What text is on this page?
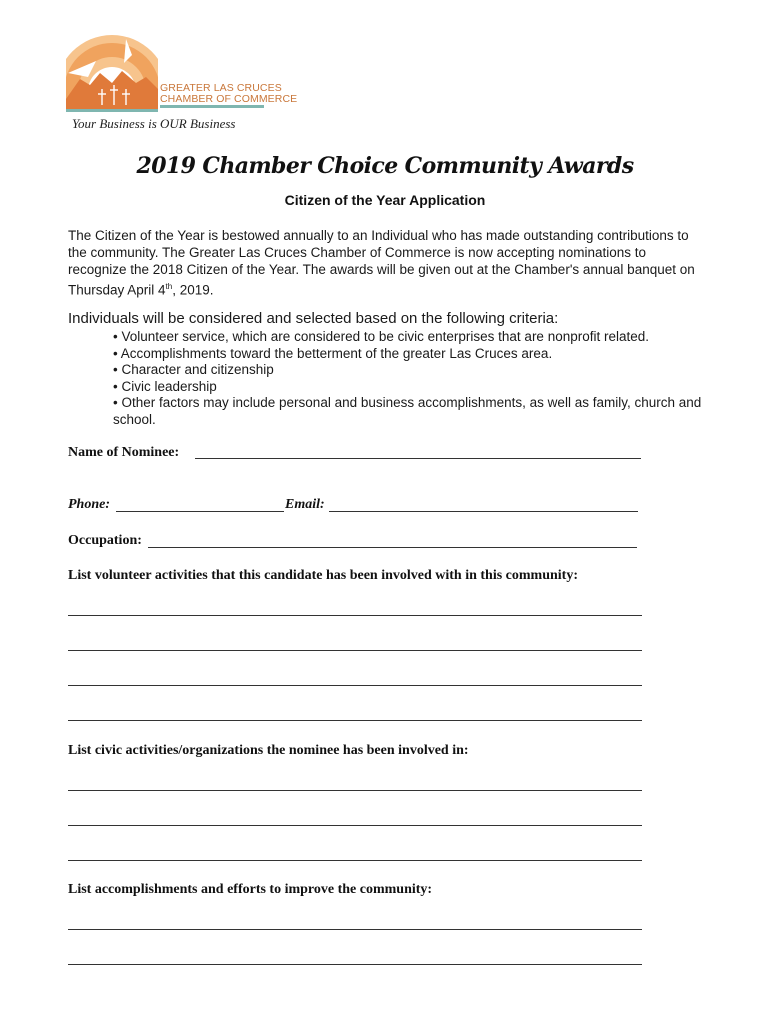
GREATER LAS CRUCES
CHAMBER OF COMMERCE
Your Business is OUR Business
2019 Chamber Choice Community Awards
Citizen of the Year Application
The Citizen of the Year is bestowed annually to an Individual who has made outstanding contributions to the community. The Greater Las Cruces Chamber of Commerce is now accepting nominations to recognize the 2018 Citizen of the Year. The awards will be given out at the Chamber's annual banquet on Thursday April 4th, 2019.
Individuals will be considered and selected based on the following criteria:
• Volunteer service, which are considered to be civic enterprises that are nonprofit related.
• Accomplishments toward the betterment of the greater Las Cruces area.
• Character and citizenship
• Civic leadership
• Other factors may include personal and business accomplishments, as well as family, church and school.
Name of Nominee:
Phone:	Email:
Occupation:
List volunteer activities that this candidate has been involved with in this community:
List civic activities/organizations the nominee has been involved in:
List accomplishments and efforts to improve the community:
